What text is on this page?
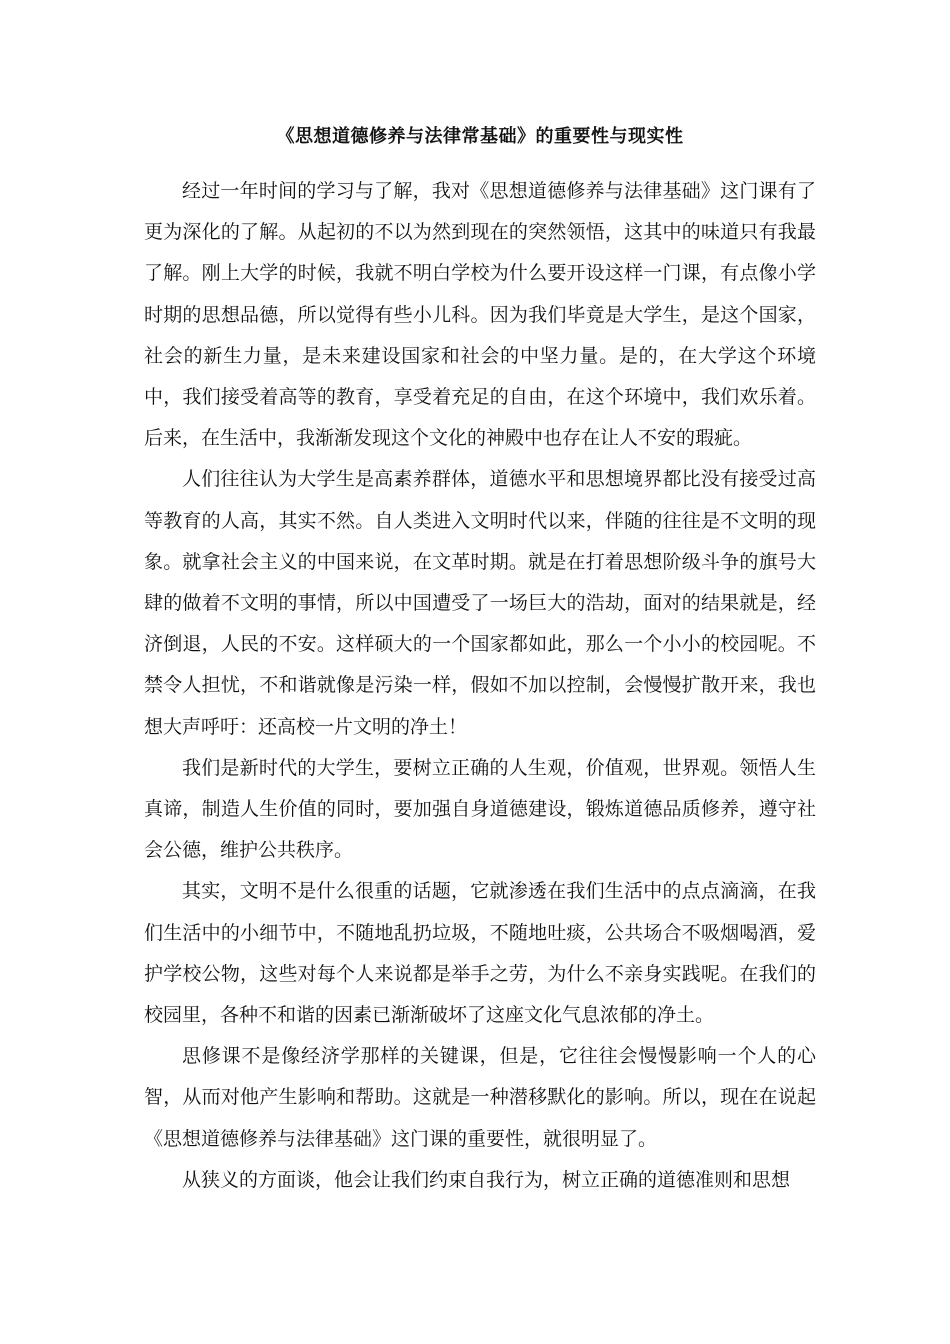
《思想道德修养与法律常基础》的重要性与现实性

经过一年时间的学习与了解，我对《思想道德修养与法律基础》这门课有了更为深化的了解。从起初的不以为然到现在的突然领悟，这其中的味道只有我最了解。刚上大学的时候，我就不明白学校为什么要开设这样一门课，有点像小学时期的思想品德，所以觉得有些小儿科。因为我们毕竟是大学生，是这个国家，社会的新生力量，是未来建设国家和社会的中坚力量。是的，在大学这个环境中，我们接受着高等的教育，享受着充足的自由，在这个环境中，我们欢乐着。后来，在生活中，我渐渐发现这个文化的神殿中也存在让人不安的瑕疵。

人们往往认为大学生是高素养群体，道德水平和思想境界都比没有接受过高等教育的人高，其实不然。自人类进入文明时代以来，伴随的往往是不文明的现象。就拿社会主义的中国来说，在文革时期。就是在打着思想阶级斗争的旗号大肆的做着不文明的事情，所以中国遭受了一场巨大的浩劫，面对的结果就是，经济倒退，人民的不安。这样硕大的一个国家都如此，那么一个小小的校园呢。不禁令人担忧，不和谐就像是污染一样，假如不加以控制，会慢慢扩散开来，我也想大声呼吁：还高校一片文明的净土！

我们是新时代的大学生，要树立正确的人生观，价值观，世界观。领悟人生真谛，制造人生价值的同时，要加强自身道德建设，锻炼道德品质修养，遵守社会公德，维护公共秩序。

其实，文明不是什么很重的话题，它就渗透在我们生活中的点点滴滴，在我们生活中的小细节中，不随地乱扔垃圾，不随地吐痰，公共场合不吸烟喝酒，爱护学校公物，这些对每个人来说都是举手之劳，为什么不亲身实践呢。在我们的校园里，各种不和谐的因素已渐渐破坏了这座文化气息浓郁的净土。

思修课不是像经济学那样的关键课，但是，它往往会慢慢影响一个人的心智，从而对他产生影响和帮助。这就是一种潜移默化的影响。所以，现在在说起《思想道德修养与法律基础》这门课的重要性，就很明显了。

从狭义的方面谈，他会让我们约束自我行为，树立正确的道德准则和思想
